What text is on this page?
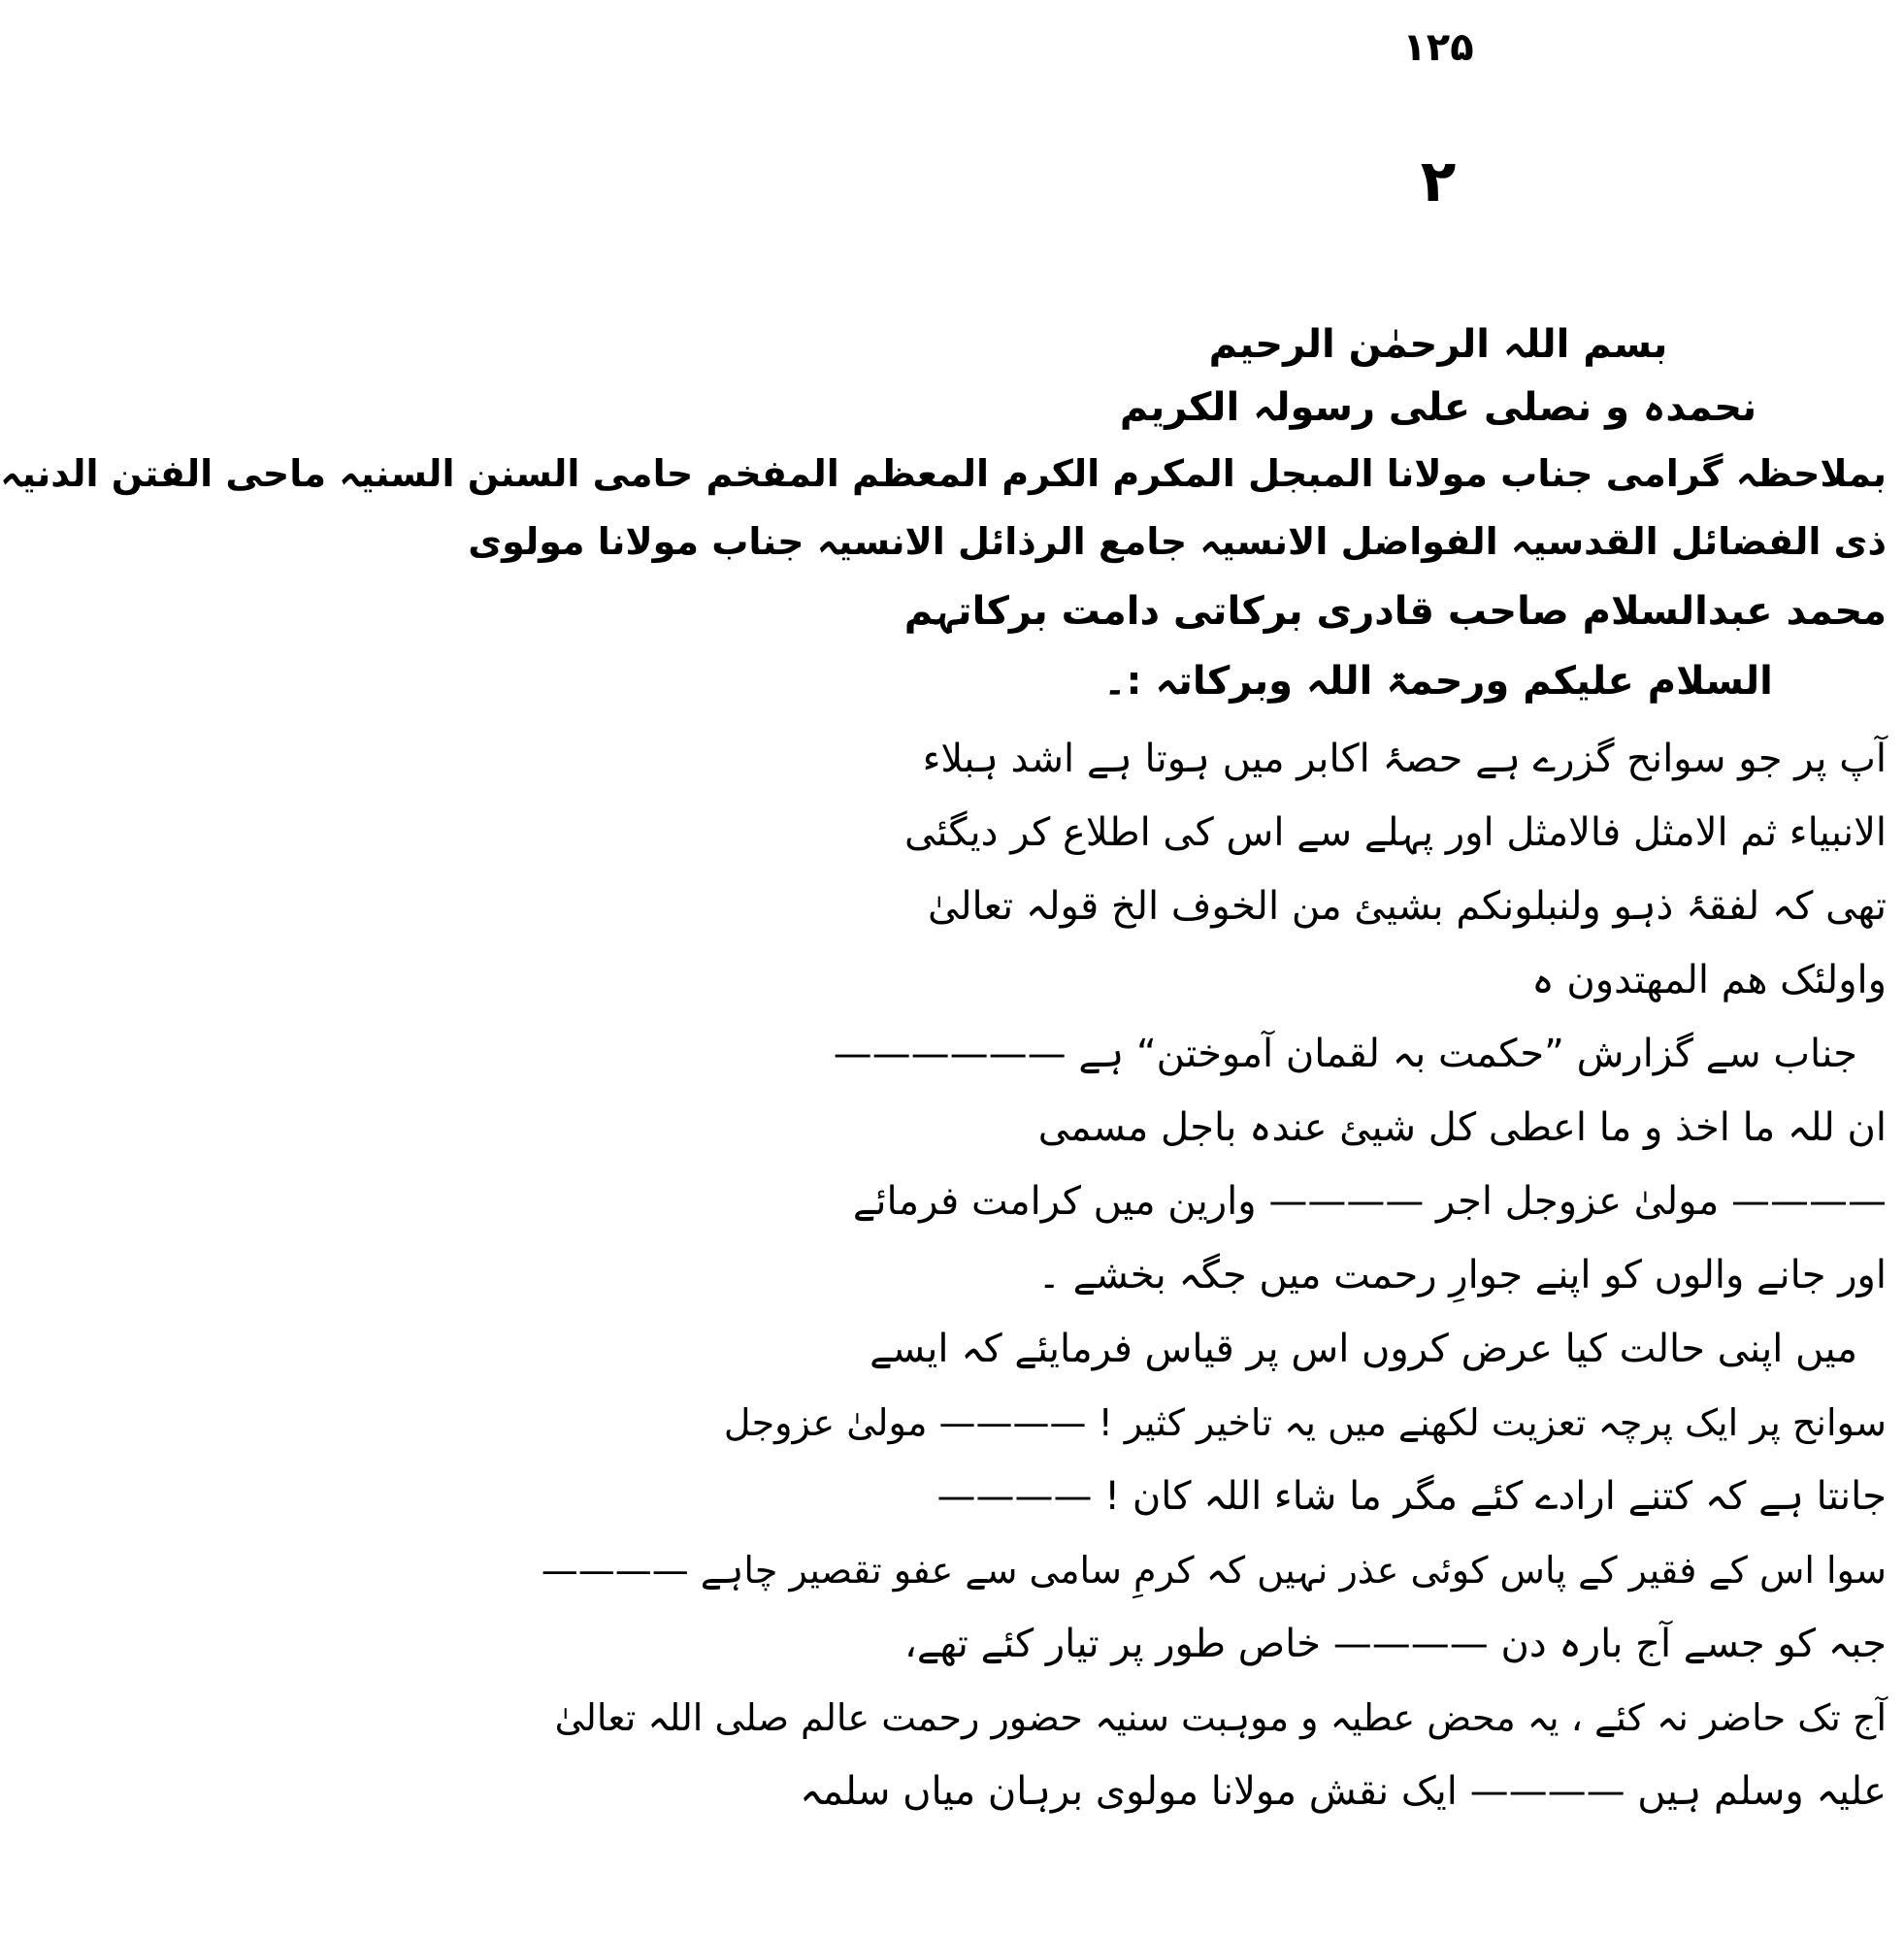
۱۲۵
۲

بسم اللہ الرحمٰن الرحیم

نحمدہ و نصلی علی رسولہ الکریم

بملاحظہ گرامی جناب مولانا المبجل المکرم الکرم المعظم المفخم حامی السنن السنیہ ماحی الفتن الدنیہ

ذی الفضائل القدسیہ الفواضل الانسیہ جامع الرذائل الانسیہ جناب مولانا مولوی

محمد عبدالسلام صاحب قادری برکاتی دامت برکاتہم

السلام علیکم ورحمۃ اللہ وبرکاتہ :۔

آپ پر جو سوانح گزرے ہے حصۂ اکابر میں ہوتا ہے اشد ہبلاء

الانبیاء ثم الامثل فالامثل اور پہلے سے اس کی اطلاع کر دیگئی

تھی کہ لفقۂ ذہو ولنبلونکم بشیئ من الخوف الخ قولہ تعالیٰ

واولئک ھم المھتدون ہ

جناب سے گزارش ”حکمت بہ لقمان آموختن“ ہے ——————

ان للہ ما اخذ و ما اعطی کل شیئ عندہ باجل مسمی

———— مولیٰ عزوجل اجر ———— وارین میں کرامت فرمائے

اور جانے والوں کو اپنے جوارِ رحمت میں جگہ بخشے ۔

میں اپنی حالت کیا عرض کروں اس پر قیاس فرمایئے کہ ایسے

سوانح پر ایک پرچہ تعزیت لکھنے میں یہ تاخیر کثیر ! ———— مولیٰ عزوجل

جانتا ہے کہ کتنے ارادے کئے مگر ما شاء اللہ کان ! ————

سوا اس کے فقیر کے پاس کوئی عذر نہیں کہ کرمِ سامی سے عفو تقصیر چاہے ————

جبہ کو جسے آج بارہ دن ———— خاص طور پر تیار کئے تھے،

آج تک حاضر نہ کئے ، یہ محض عطیہ و موہبت سنیہ حضور رحمت عالم صلی اللہ تعالیٰ

علیہ وسلم ہیں ———— ایک نقش مولانا مولوی برہان میاں سلمہ
